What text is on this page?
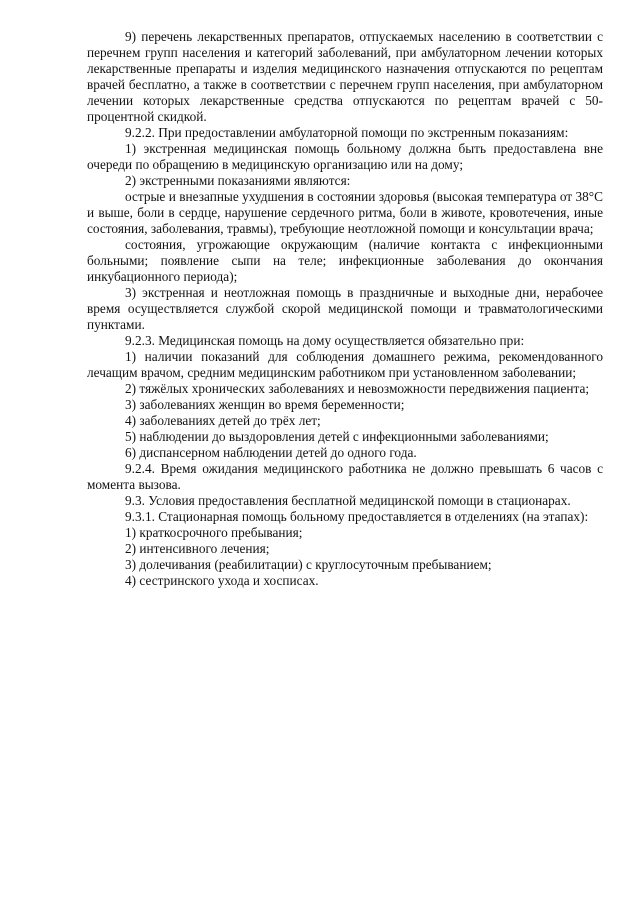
9) перечень лекарственных препаратов, отпускаемых населению в соответствии с перечнем групп населения и категорий заболеваний, при амбулаторном лечении которых лекарственные препараты и изделия медицинского назначения отпускаются по рецептам врачей бесплатно, а также в соответствии с перечнем групп населения, при амбулаторном лечении которых лекарственные средства отпускаются по рецептам врачей с 50-процентной скидкой.

9.2.2. При предоставлении амбулаторной помощи по экстренным показаниям:

1) экстренная медицинская помощь больному должна быть предоставлена вне очереди по обращению в медицинскую организацию или на дому;

2) экстренными показаниями являются:

острые и внезапные ухудшения в состоянии здоровья (высокая температура от 38°C и выше, боли в сердце, нарушение сердечного ритма, боли в животе, кровотечения, иные состояния, заболевания, травмы), требующие неотложной помощи и консультации врача;

состояния, угрожающие окружающим (наличие контакта с инфекционными больными; появление сыпи на теле; инфекционные заболевания до окончания инкубационного периода);

3) экстренная и неотложная помощь в праздничные и выходные дни, нерабочее время осуществляется службой скорой медицинской помощи и травматологическими пунктами.

9.2.3. Медицинская помощь на дому осуществляется обязательно при:

1) наличии показаний для соблюдения домашнего режима, рекомендованного лечащим врачом, средним медицинским работником при установленном заболевании;

2) тяжёлых хронических заболеваниях и невозможности передвижения пациента;

3) заболеваниях женщин во время беременности;

4) заболеваниях детей до трёх лет;

5) наблюдении до выздоровления детей с инфекционными заболеваниями;

6) диспансерном наблюдении детей до одного года.

9.2.4. Время ожидания медицинского работника не должно превышать 6 часов с момента вызова.

9.3. Условия предоставления бесплатной медицинской помощи в стационарах.

9.3.1. Стационарная помощь больному предоставляется в отделениях (на этапах):

1) краткосрочного пребывания;

2) интенсивного лечения;

3) долечивания (реабилитации) с круглосуточным пребыванием;

4) сестринского ухода и хосписах.
